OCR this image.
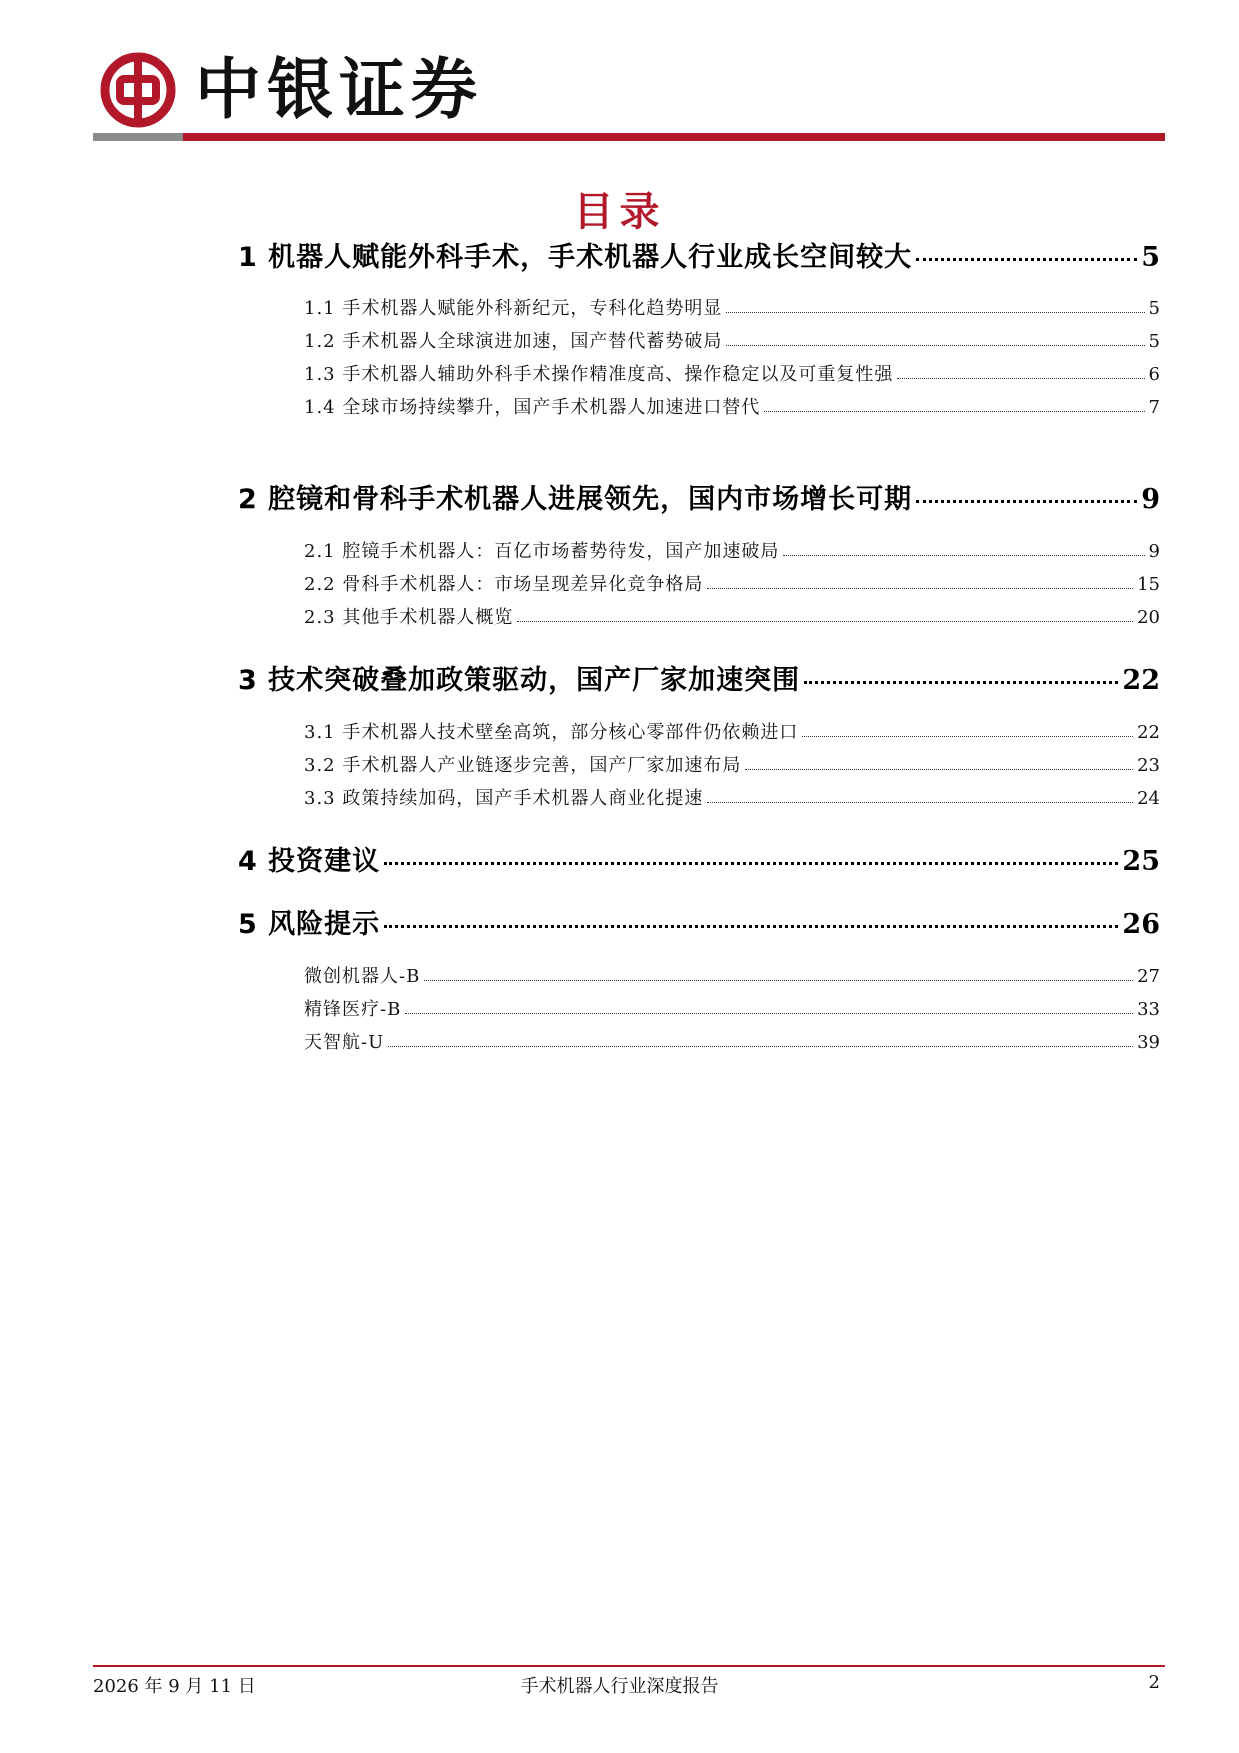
中银证券
目录
1 机器人赋能外科手术，手术机器人行业成长空间较大	5
1.1 手术机器人赋能外科新纪元，专科化趋势明显	5
1.2 手术机器人全球演进加速，国产替代蓄势破局	5
1.3 手术机器人辅助外科手术操作精准度高、操作稳定以及可重复性强	6
1.4 全球市场持续攀升，国产手术机器人加速进口替代	7
2 腔镜和骨科手术机器人进展领先，国内市场增长可期	9
2.1 腔镜手术机器人：百亿市场蓄势待发，国产加速破局	9
2.2 骨科手术机器人：市场呈现差异化竞争格局	15
2.3 其他手术机器人概览	20
3 技术突破叠加政策驱动，国产厂家加速突围	22
3.1 手术机器人技术壁垒高筑，部分核心零部件仍依赖进口	22
3.2 手术机器人产业链逐步完善，国产厂家加速布局	23
3.3 政策持续加码，国产手术机器人商业化提速	24
4 投资建议	25
5 风险提示	26
微创机器人-B	27
精锋医疗-B	33
天智航-U	39
2026 年 9 月 11 日	手术机器人行业深度报告	2
